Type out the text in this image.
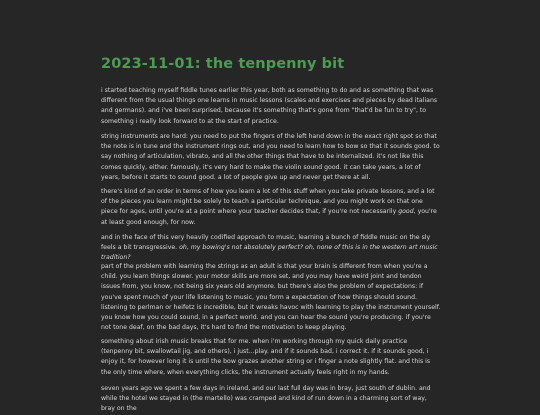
2023-11-01: the tenpenny bit

i started teaching myself fiddle tunes earlier this year, both as something to do and as something that was different from the usual things one learns in music lessons (scales and exercises and pieces by dead italians and germans). and i've been surprised, because it's something that's gone from "that'd be fun to try", to something i really look forward to at the start of practice.

string instruments are hard: you need to put the fingers of the left hand down in the exact right spot so that the note is in tune and the instrument rings out, and you need to learn how to bow so that it sounds good. to say nothing of articulation, vibrato, and all the other things that have to be internalized. it's not like this comes quickly, either. famously, it's very hard to make the violin sound good. it can take years, a lot of years, before it starts to sound good. a lot of people give up and never get there at all.

there's kind of an order in terms of how you learn a lot of this stuff when you take private lessons, and a lot of the pieces you learn might be solely to teach a particular technique, and you might work on that one piece for ages, until you're at a point where your teacher decides that, if you're not necessarily good, you're at least good enough, for now.

and in the face of this very heavily codified approach to music, learning a bunch of fiddle music on the sly feels a bit transgressive. oh, my bowing's not absolutely perfect? oh, none of this is in the western art music tradition?

part of the problem with learning the strings as an adult is that your brain is different from when you're a child. you learn things slower. your motor skills are more set, and you may have weird joint and tendon issues from, you know, not being six years old anymore. but there's also the problem of expectations: if you've spent much of your life listening to music, you form a expectation of how things should sound. listening to perlman or heifetz is incredible, but it wreaks havoc with learning to play the instrument yourself. you know how you could sound, in a perfect world. and you can hear the sound you're producing. if you're not tone deaf, on the bad days, it's hard to find the motivation to keep playing.

something about irish music breaks that for me. when i'm working through my quick daily practice (tenpenny bit, swallowtail jig, and others), i just...play. and if it sounds bad, i correct it. if it sounds good, i enjoy it, for however long it is until the bow grazes another string or i finger a note slightly flat. and this is the only time where, when everything clicks, the instrument actually feels right in my hands.

seven years ago we spent a few days in ireland, and our last full day was in bray, just south of dublin. and while the hotel we stayed in (the martello) was cramped and kind of run down in a charming sort of way, bray on the
